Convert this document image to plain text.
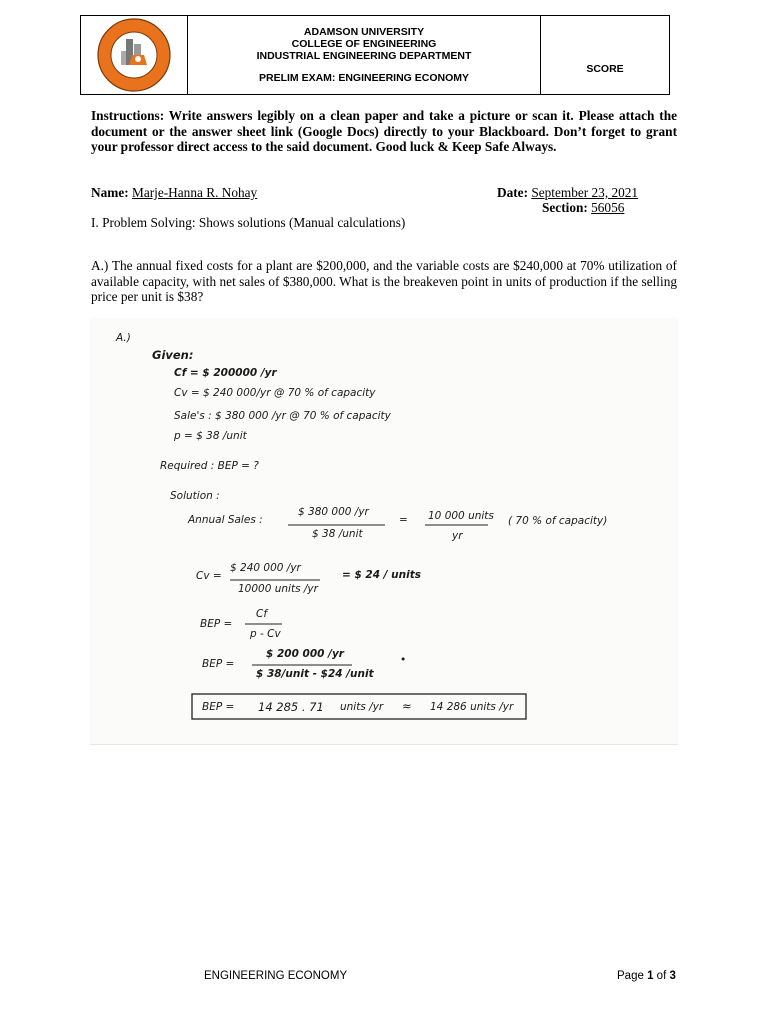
ADAMSON UNIVERSITY
COLLEGE OF ENGINEERING
INDUSTRIAL ENGINEERING DEPARTMENT
PRELIM EXAM: ENGINEERING ECONOMY

SCORE
Instructions: Write answers legibly on a clean paper and take a picture or scan it. Please attach the document or the answer sheet link (Google Docs) directly to your Blackboard. Don’t forget to grant your professor direct access to the said document. Good luck & Keep Safe Always.
Name: Marje-Hanna R. Nohay	Date: September 23, 2021
Section: 56056
I. Problem Solving: Shows solutions (Manual calculations)
A.) The annual fixed costs for a plant are $200,000, and the variable costs are $240,000 at 70% utilization of available capacity, with net sales of $380,000. What is the breakeven point in units of production if the selling price per unit is $38?
A.)
Given:
Cf = $ 200000 /yr
Cv = $ 240 000/yr @ 70 % of capacity
Sale's : $ 380 000 /yr @ 70 % of capacity
p = $ 38 /unit
Required : BEP = ?
Solution :
Annual Sales :
$ 380 000 /yr
$ 38 /unit
= 10 000 units
yr
( 70 % of capacity)
Cv =
$ 240 000 /yr
10000 units /yr
= $ 24 / units
BEP =
Cf
p - Cv
BEP =
$ 200 000 /yr
$ 38/unit - $24 /unit
•
BEP = 14 285 . 71 units /yr ≈ 14 286 units /yr
ENGINEERING ECONOMY	Page 1 of 3
